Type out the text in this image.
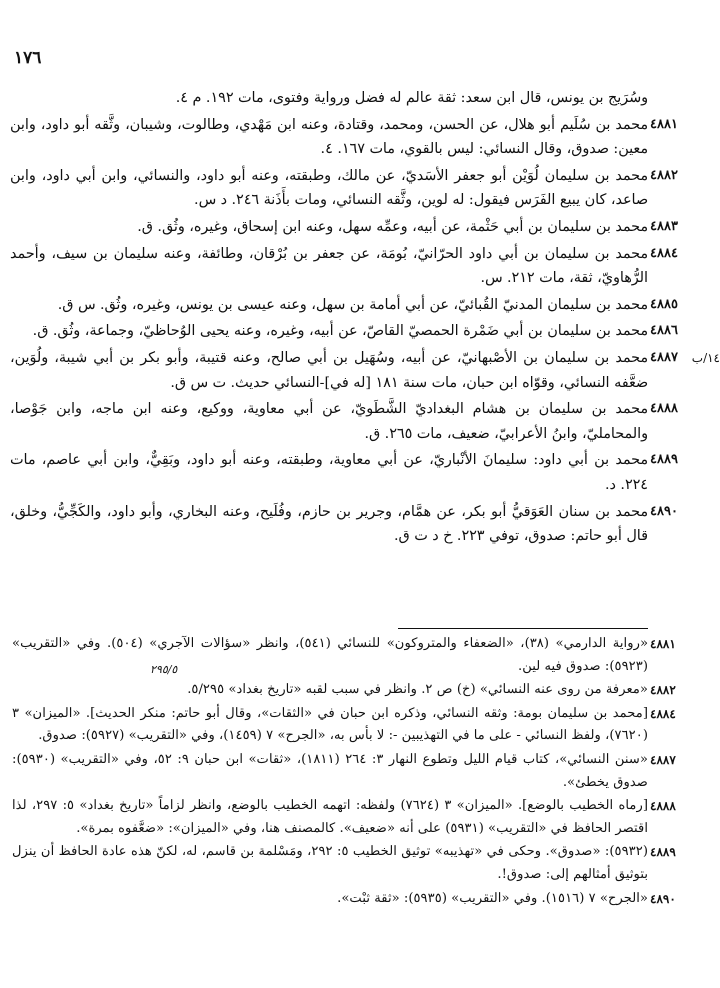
١٧٦
وسُرَيج بن يونس، قال ابن سعد: ثقة عالم له فضل ورواية وفتوى، مات ١٩٢. م ٤.
٤٨٨١
محمد بن سُلَيم أبو هلال، عن الحسن، ومحمد، وقتادة، وعنه ابن مَهْدي، وطالوت، وشيبان، وثَّقه أبو داود، وابن معين: صدوق، وقال النسائي: ليس بالقوي، مات ١٦٧. ٤.
٤٨٨٢
محمد بن سليمان لُوَيْن أبو جعفر الأسَديّ، عن مالك، وطبقته، وعنه أبو داود، والنسائي، وابن أبي داود، وابن صاعد، كان يبيع الفَرَس فيقول: له لوين، وثَّقه النسائي، ومات بأَذَنة ٢٤٦. د س.
٤٨٨٣
محمد بن سليمان بن أبي حَثْمة، عن أبيه، وعمِّه سهل، وعنه ابن إسحاق، وغيره، وثُق. ق.
٤٨٨٤
محمد بن سليمان بن أبي داود الحرّانيّ، بُومَة، عن جعفر بن بُرْقان، وطائفة، وعنه سليمان بن سيف، وأحمد الرُّهاويّ، ثقة، مات ٢١٢. س.
٤٨٨٥
محمد بن سليمان المدنيّ القُبائيّ، عن أبي أمامة بن سهل، وعنه عيسى بن يونس، وغيره، وثُق. س ق.
٤٨٨٦
محمد بن سليمان بن أبي ضَمْرة الحمصيّ القاصّ، عن أبيه، وغيره، وعنه يحيى الوُحاظيّ، وجماعة، وثُق. ق.
٤٨٨٧
محمد بن سليمان بن الأصْبهانيّ، عن أبيه، وسُهَيل بن أبي صالح، وعنه قتيبة، وأبو بكر بن أبي شيبة، ولُوَين، ضعَّفه النسائي، وقوّاه ابن حبان، مات سنة ١٨١ [له في]-النسائي حديث. ت س ق.
١٤/ب
٤٨٨٨
محمد بن سليمان بن هشام البغداديّ الشَّطَويّ، عن أبي معاوية، ووكيع، وعنه ابن ماجه، وابن جَوْصا، والمحامليّ، وابنُ الأعرابيّ، ضعيف، مات ٢٦٥. ق.
٤٨٨٩
محمد بن أبي داود: سليمانَ الأنْباريّ، عن أبي معاوية، وطبقته، وعنه أبو داود، وبَقِيٌّ، وابن أبي عاصم، مات ٢٢٤. د.
٤٨٩٠
محمد بن سنان العَوَقيُّ أبو بكر، عن همَّام، وجرير بن حازم، وفُلَيح، وعنه البخاري، وأبو داود، والكَجِّيُّ، وخلق، قال أبو حاتم: صدوق، توفي ٢٢٣. خ د ت ق.
٤٨٨١
«رواية الدارمي» (٣٨)، «الضعفاء والمتروكون» للنسائي (٥٤١)، وانظر «سؤالات الآجري» (٥٠٤). وفي «التقريب» (٥٩٢٣): صدوق فيه لين.
٤٨٨٢
«معرفة من روى عنه النسائي» (خ) ص ٢. وانظر في سبب لقبه «تاريخ بغداد» ٥/٢٩٥.
٤٨٨٤
[محمد بن سليمان بومة: وثقه النسائي، وذكره ابن حبان في «الثقات»، وقال أبو حاتم: منكر الحديث]. «الميزان» ٣ (٧٦٢٠)، ولفظ النسائي - على ما في التهذيبين -: لا بأس به، «الجرح» ٧ (١٤٥٩)، وفي «التقريب» (٥٩٢٧): صدوق.
٤٨٨٧
«سنن النسائي»، كتاب قيام الليل وتطوع النهار ٣: ٢٦٤ (١٨١١)، «ثقات» ابن حبان ٩: ٥٢، وفي «التقريب» (٥٩٣٠): صدوق يخطئ».
٤٨٨٨
[رماه الخطيب بالوضع]. «الميزان» ٣ (٧٦٢٤) ولفظه: اتهمه الخطيب بالوضع، وانظر لزاماً «تاريخ بغداد» ٥: ٢٩٧، لذا اقتصر الحافظ في «التقريب» (٥٩٣١) على أنه «ضعيف». كالمصنف هنا، وفي «الميزان»: «ضعَّفوه بمرة».
٤٨٨٩
(٥٩٣٢): «صدوق». وحكى في «تهذيبه» توثيق الخطيب ٥: ٢٩٢، ومَسْلمة بن قاسم، له، لكنّ هذه عادة الحافظ أن ينزل بتوثيق أمثالهم إلى: صدوق!.
٤٨٩٠
«الجرح» ٧ (١٥١٦). وفي «التقريب» (٥٩٣٥): «ثقة ثبْت».
٢٩٥/٥
